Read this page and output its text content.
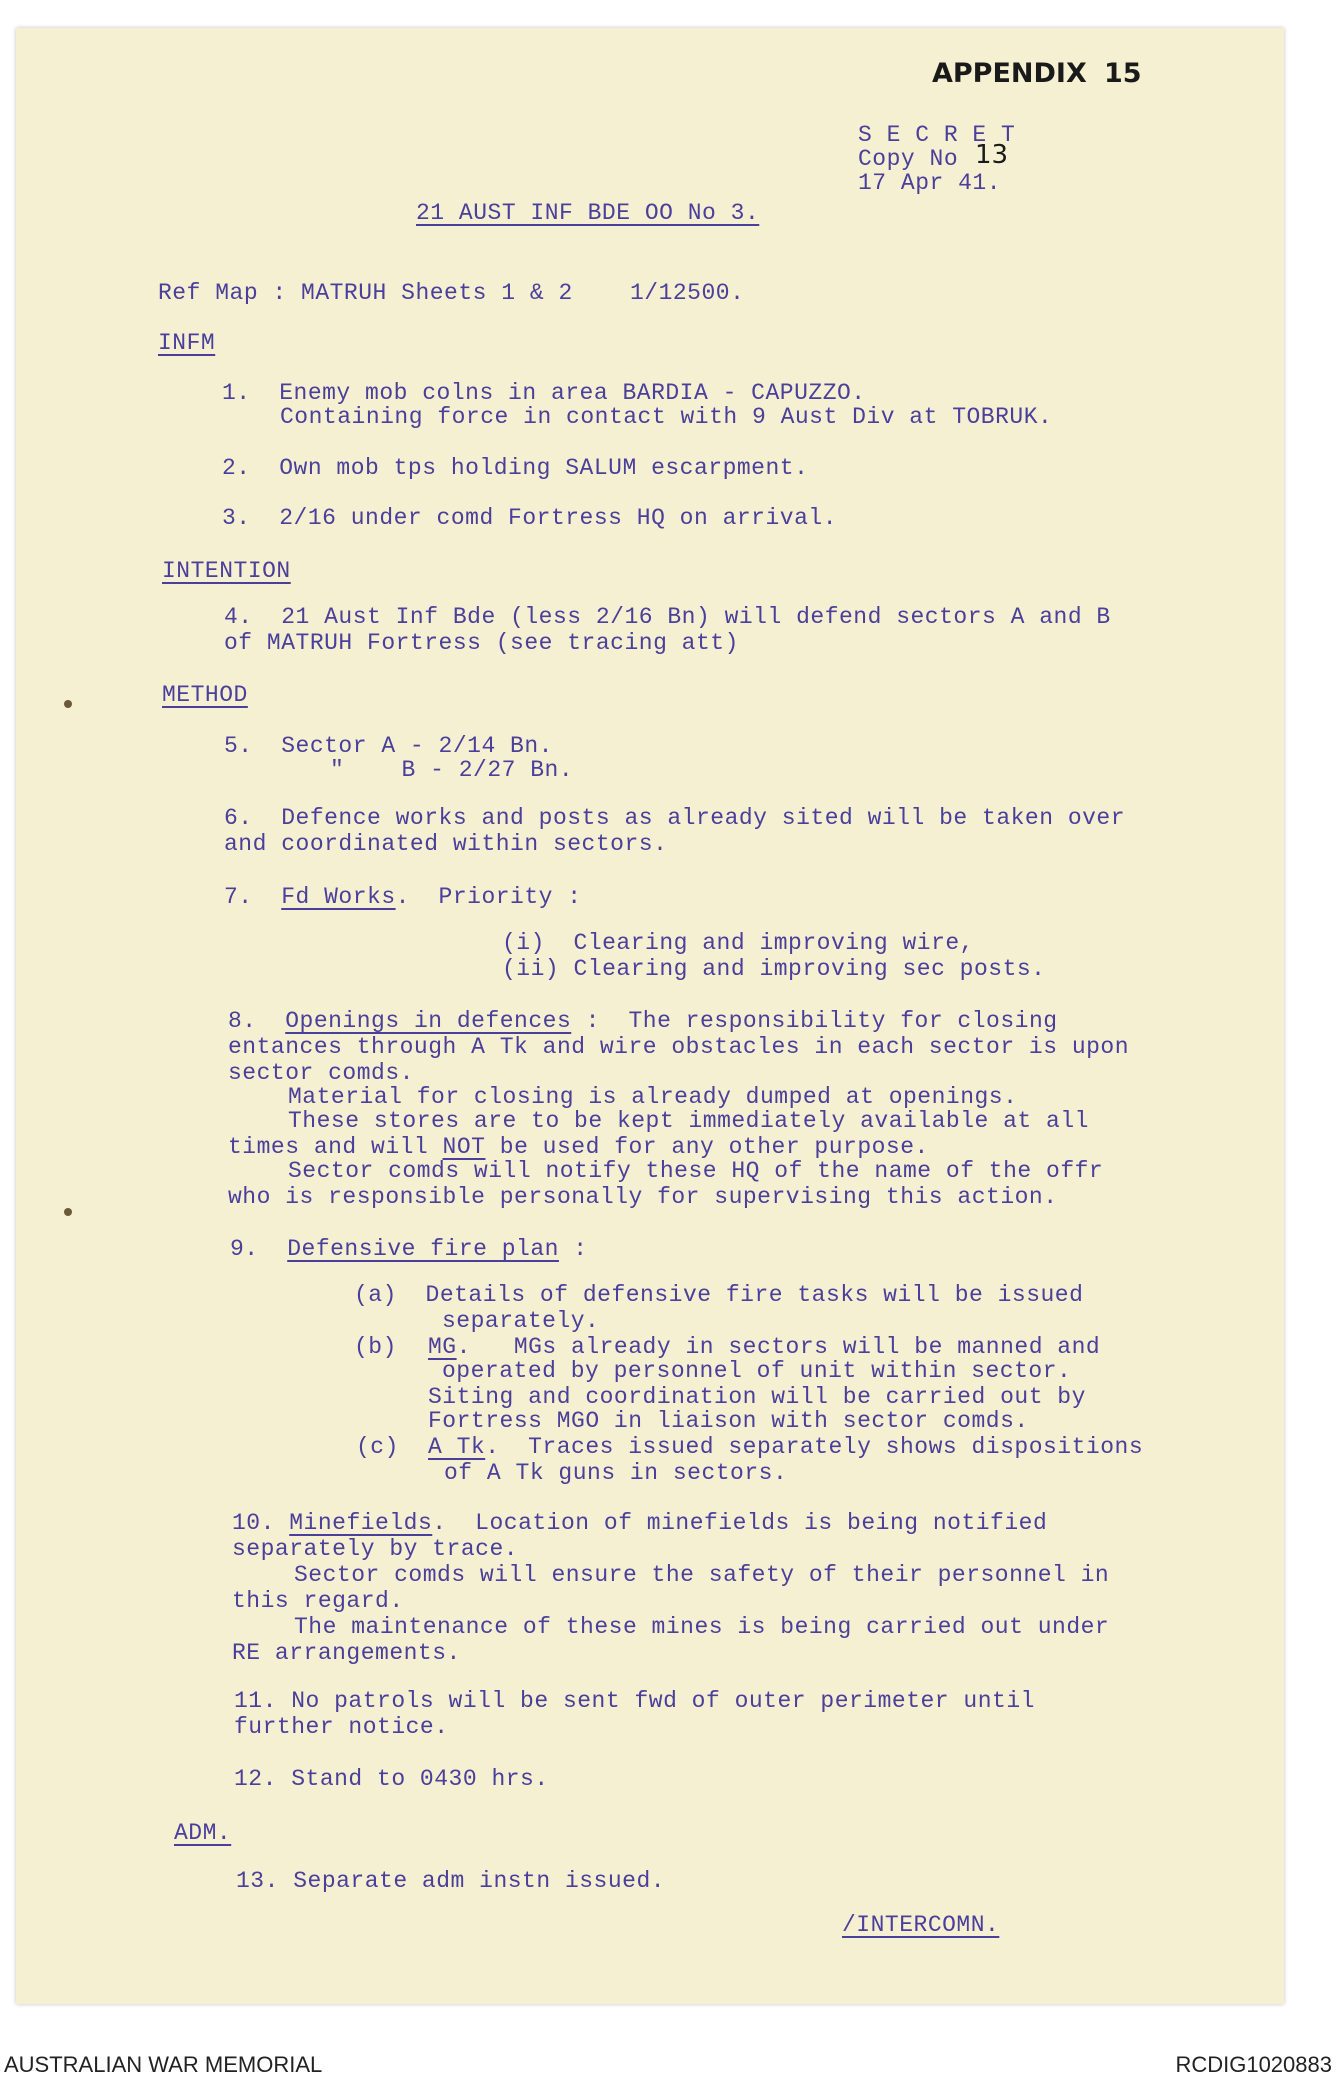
APPENDIX 15
S E C R E T
Copy No 13
17 Apr 41.
21 AUST INF BDE OO No 3.
Ref Map : MATRUH Sheets 1 & 2    1/12500.
INFM
1.  Enemy mob colns in area BARDIA - CAPUZZO.
Containing force in contact with 9 Aust Div at TOBRUK.
2.  Own mob tps holding SALUM escarpment.
3.  2/16 under comd Fortress HQ on arrival.
INTENTION
4.  21 Aust Inf Bde (less 2/16 Bn) will defend sectors A and B
of MATRUH Fortress (see tracing att)
METHOD
5.  Sector A - 2/14 Bn.
"    B - 2/27 Bn.
6.  Defence works and posts as already sited will be taken over
and coordinated within sectors.
7. Fd Works.  Priority :
(i)  Clearing and improving wire,
(ii) Clearing and improving sec posts.
8. Openings in defences :  The responsibility for closing
entances through A Tk and wire obstacles in each sector is upon
sector comds.
Material for closing is already dumped at openings.
These stores are to be kept immediately available at all
times and will NOT be used for any other purpose.
Sector comds will notify these HQ of the name of the offr
who is responsible personally for supervising this action.
9. Defensive fire plan :
(a)  Details of defensive fire tasks will be issued
separately.
(b) MG.   MGs already in sectors will be manned and
operated by personnel of unit within sector.
Siting and coordination will be carried out by
Fortress MGO in liaison with sector comds.
(c) A Tk.  Traces issued separately shows dispositions
of A Tk guns in sectors.
10. Minefields.  Location of minefields is being notified
separately by trace.
Sector comds will ensure the safety of their personnel in
this regard.
The maintenance of these mines is being carried out under
RE arrangements.
11. No patrols will be sent fwd of outer perimeter until
further notice.
12. Stand to 0430 hrs.
ADM.
13. Separate adm instn issued.
/INTERCOMN.
AUSTRALIAN WAR MEMORIAL	RCDIG1020883
